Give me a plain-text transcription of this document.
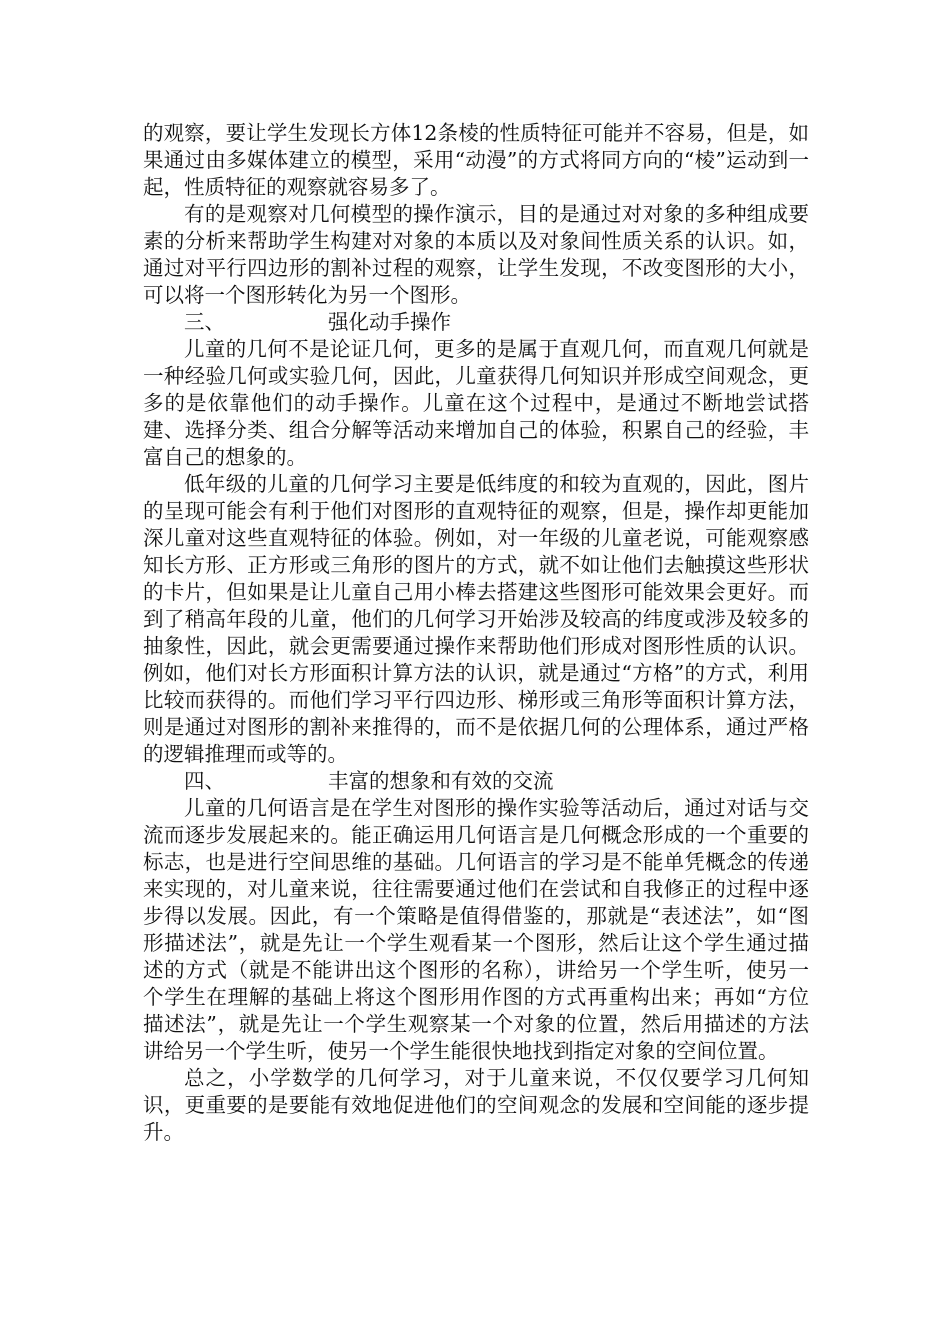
的观察，要让学生发现长方体12条棱的性质特征可能并不容易，但是，如果通过由多媒体建立的模型，采用“动漫”的方式将同方向的“棱”运动到一起，性质特征的观察就容易多了。

有的是观察对几何模型的操作演示，目的是通过对对象的多种组成要素的分析来帮助学生构建对对象的本质以及对象间性质关系的认识。如，通过对平行四边形的割补过程的观察，让学生发现，不改变图形的大小，可以将一个图形转化为另一个图形。

三、	强化动手操作

儿童的几何不是论证几何，更多的是属于直观几何，而直观几何就是一种经验几何或实验几何，因此，儿童获得几何知识并形成空间观念，更多的是依靠他们的动手操作。儿童在这个过程中，是通过不断地尝试搭建、选择分类、组合分解等活动来增加自己的体验，积累自己的经验，丰富自己的想象的。

低年级的儿童的几何学习主要是低纬度的和较为直观的，因此，图片的呈现可能会有利于他们对图形的直观特征的观察，但是，操作却更能加深儿童对这些直观特征的体验。例如，对一年级的儿童老说，可能观察感知长方形、正方形或三角形的图片的方式，就不如让他们去触摸这些形状的卡片，但如果是让儿童自己用小棒去搭建这些图形可能效果会更好。而到了稍高年段的儿童，他们的几何学习开始涉及较高的纬度或涉及较多的抽象性，因此，就会更需要通过操作来帮助他们形成对图形性质的认识。例如，他们对长方形面积计算方法的认识，就是通过“方格”的方式，利用比较而获得的。而他们学习平行四边形、梯形或三角形等面积计算方法，则是通过对图形的割补来推得的，而不是依据几何的公理体系，通过严格的逻辑推理而或等的。

四、	丰富的想象和有效的交流

儿童的几何语言是在学生对图形的操作实验等活动后，通过对话与交流而逐步发展起来的。能正确运用几何语言是几何概念形成的一个重要的标志，也是进行空间思维的基础。几何语言的学习是不能单凭概念的传递来实现的，对儿童来说，往往需要通过他们在尝试和自我修正的过程中逐步得以发展。因此，有一个策略是值得借鉴的，那就是“表述法”，如“图形描述法”，就是先让一个学生观看某一个图形，然后让这个学生通过描述的方式（就是不能讲出这个图形的名称），讲给另一个学生听，使另一个学生在理解的基础上将这个图形用作图的方式再重构出来；再如“方位描述法”，就是先让一个学生观察某一个对象的位置，然后用描述的方法讲给另一个学生听，使另一个学生能很快地找到指定对象的空间位置。

总之，小学数学的几何学习，对于儿童来说，不仅仅要学习几何知识，更重要的是要能有效地促进他们的空间观念的发展和空间能的逐步提升。
